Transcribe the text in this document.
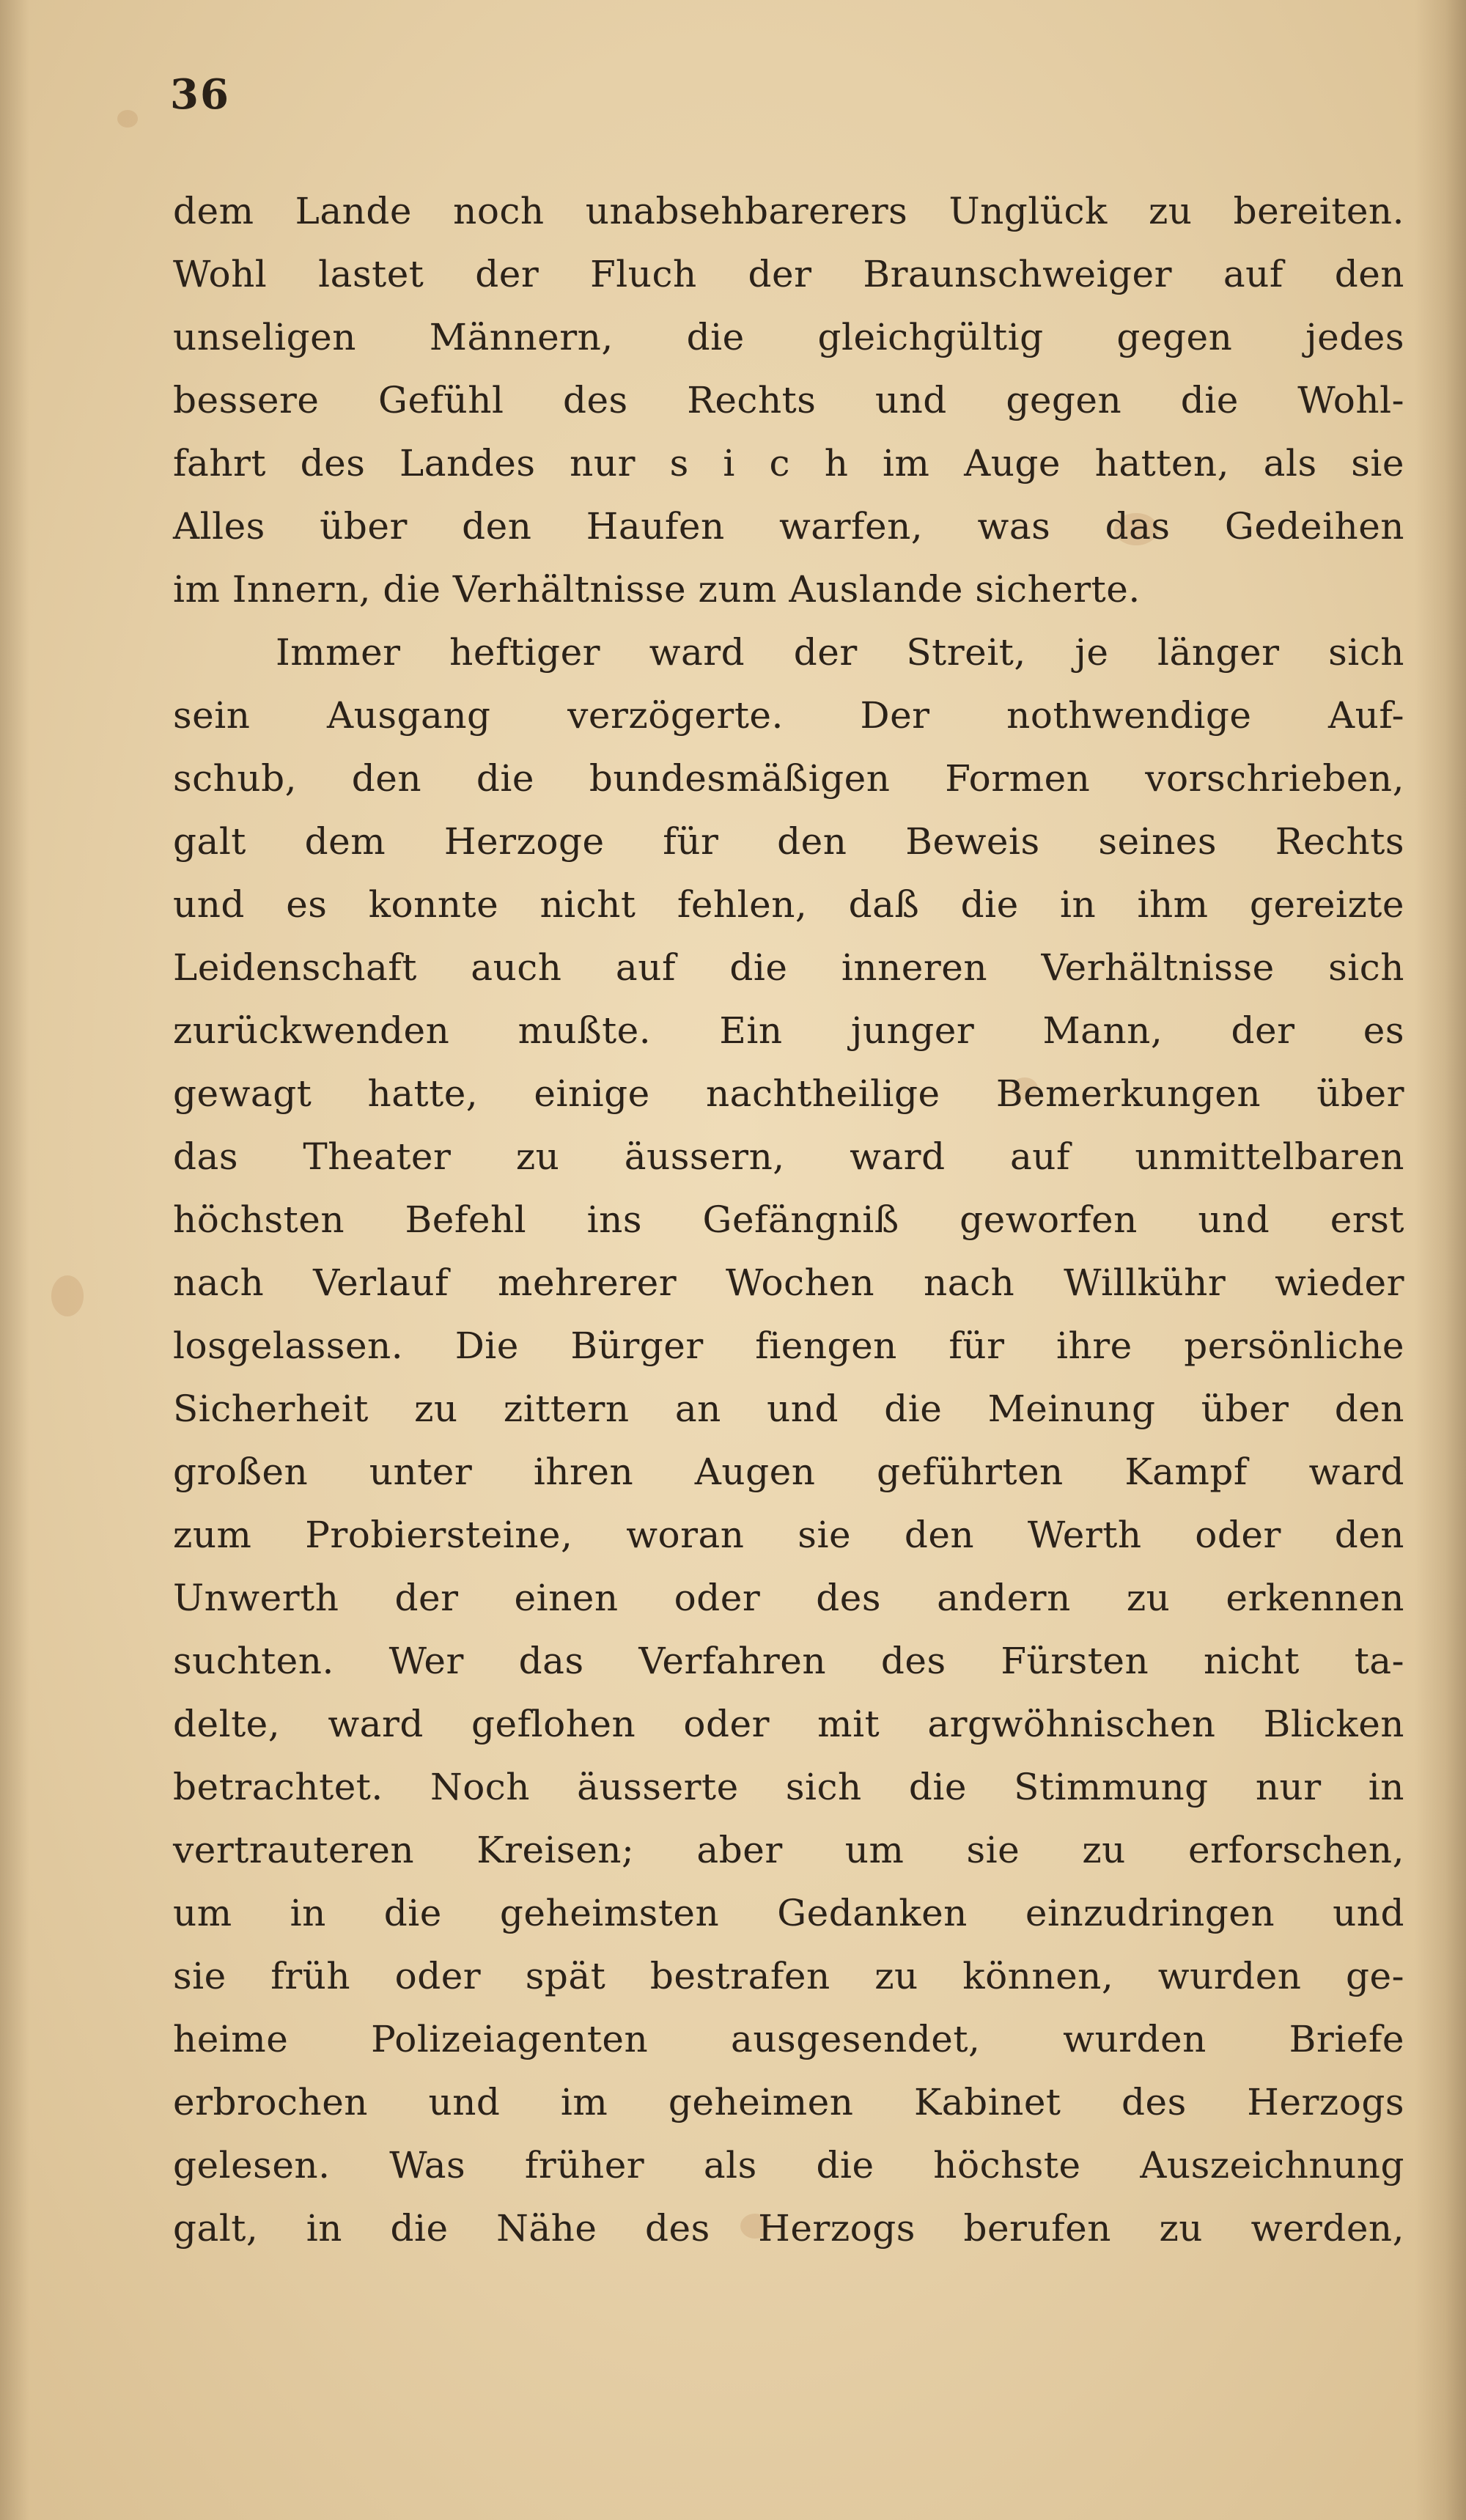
36
dem Lande noch unabsehbarerers Unglück zu bereiten.
Wohl lastet der Fluch der Braunschweiger auf den
unseligen Männern, die gleichgültig gegen jedes
bessere Gefühl des Rechts und gegen die Wohl-
fahrt des Landes nur s i c h im Auge hatten, als sie
Alles über den Haufen warfen, was das Gedeihen
im Innern, die Verhältnisse zum Auslande sicherte.
Immer heftiger ward der Streit, je länger sich
sein Ausgang verzögerte. Der nothwendige Auf-
schub, den die bundesmäßigen Formen vorschrieben,
galt dem Herzoge für den Beweis seines Rechts
und es konnte nicht fehlen, daß die in ihm gereizte
Leidenschaft auch auf die inneren Verhältnisse sich
zurückwenden mußte. Ein junger Mann, der es
gewagt hatte, einige nachtheilige Bemerkungen über
das Theater zu äussern, ward auf unmittelbaren
höchsten Befehl ins Gefängniß geworfen und erst
nach Verlauf mehrerer Wochen nach Willkühr wieder
losgelassen. Die Bürger fiengen für ihre persönliche
Sicherheit zu zittern an und die Meinung über den
großen unter ihren Augen geführten Kampf ward
zum Probiersteine, woran sie den Werth oder den
Unwerth der einen oder des andern zu erkennen
suchten. Wer das Verfahren des Fürsten nicht ta-
delte, ward geflohen oder mit argwöhnischen Blicken
betrachtet. Noch äusserte sich die Stimmung nur in
vertrauteren Kreisen; aber um sie zu erforschen,
um in die geheimsten Gedanken einzudringen und
sie früh oder spät bestrafen zu können, wurden ge-
heime Polizeiagenten ausgesendet, wurden Briefe
erbrochen und im geheimen Kabinet des Herzogs
gelesen. Was früher als die höchste Auszeichnung
galt, in die Nähe des Herzogs berufen zu werden,
